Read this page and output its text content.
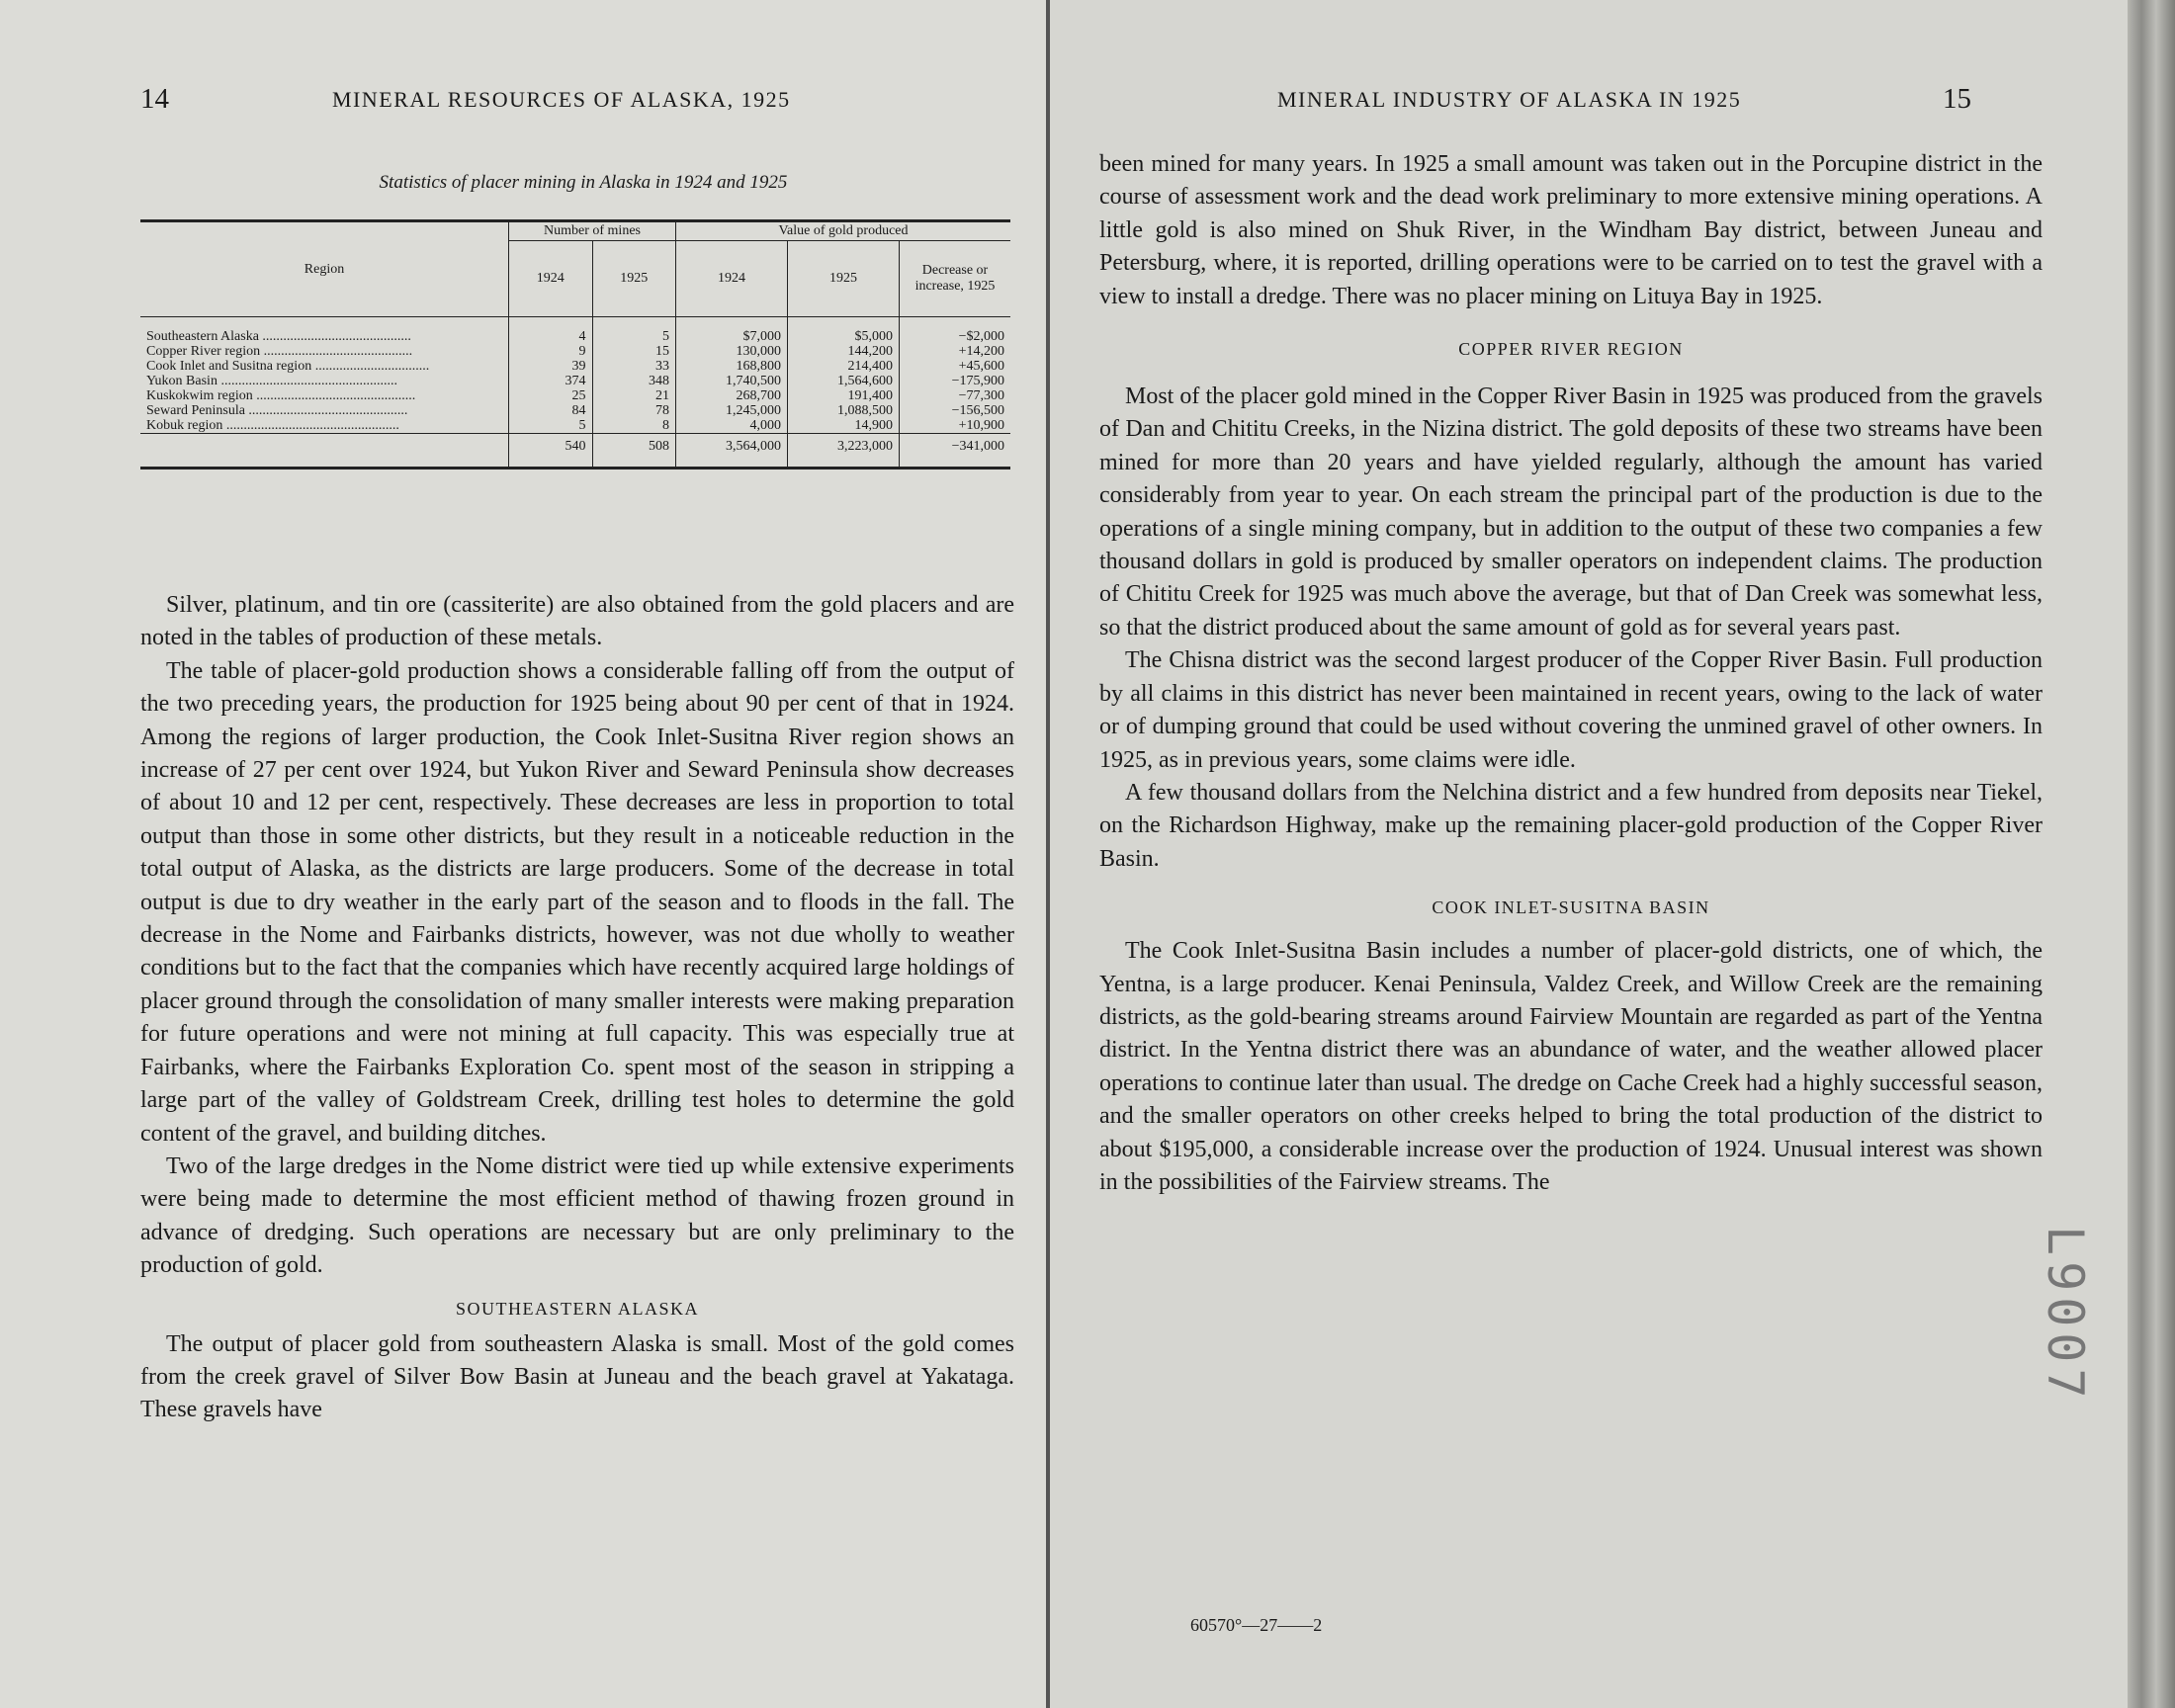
14	MINERAL RESOURCES OF ALASKA, 1925
Statistics of placer mining in Alaska in 1924 and 1925
Region	Number of mines		Value of gold produced		
	1924	1925	1924	1925	Decrease or increase, 1925

Southeastern Alaska ...........................................	4	5	$7,000	$5,000	−$2,000
Copper River region ...........................................	9	15	130,000	144,200	+14,200
Cook Inlet and Susitna region .................................	39	33	168,800	214,400	+45,600
Yukon Basin ...................................................	374	348	1,740,500	1,564,600	−175,900
Kuskokwim region ..............................................	25	21	268,700	191,400	−77,300
Seward Peninsula ..............................................	84	78	1,245,000	1,088,500	−156,500
Kobuk region ..................................................	5	8	4,000	14,900	+10,900
	540	508	3,564,000	3,223,000	−341,000

Silver, platinum, and tin ore (cassiterite) are also obtained from the gold placers and are noted in the tables of production of these metals.

The table of placer-gold production shows a considerable falling off from the output of the two preceding years, the production for 1925 being about 90 per cent of that in 1924. Among the regions of larger production, the Cook Inlet-Susitna River region shows an increase of 27 per cent over 1924, but Yukon River and Seward Peninsula show decreases of about 10 and 12 per cent, respectively. These decreases are less in proportion to total output than those in some other districts, but they result in a noticeable reduction in the total output of Alaska, as the districts are large producers. Some of the decrease in total output is due to dry weather in the early part of the season and to floods in the fall. The decrease in the Nome and Fairbanks districts, however, was not due wholly to weather conditions but to the fact that the companies which have recently acquired large holdings of placer ground through the consolidation of many smaller interests were making preparation for future operations and were not mining at full capacity. This was especially true at Fairbanks, where the Fairbanks Exploration Co. spent most of the season in stripping a large part of the valley of Goldstream Creek, drilling test holes to determine the gold content of the gravel, and building ditches.

Two of the large dredges in the Nome district were tied up while extensive experiments were being made to determine the most efficient method of thawing frozen ground in advance of dredging. Such operations are necessary but are only preliminary to the production of gold.

SOUTHEASTERN ALASKA

The output of placer gold from southeastern Alaska is small. Most of the gold comes from the creek gravel of Silver Bow Basin at Juneau and the beach gravel at Yakataga. These gravels have

MINERAL INDUSTRY OF ALASKA IN 1925	15

been mined for many years. In 1925 a small amount was taken out in the Porcupine district in the course of assessment work and the dead work preliminary to more extensive mining operations. A little gold is also mined on Shuk River, in the Windham Bay district, between Juneau and Petersburg, where, it is reported, drilling operations were to be carried on to test the gravel with a view to install a dredge. There was no placer mining on Lituya Bay in 1925.

COPPER RIVER REGION

Most of the placer gold mined in the Copper River Basin in 1925 was produced from the gravels of Dan and Chititu Creeks, in the Nizina district. The gold deposits of these two streams have been mined for more than 20 years and have yielded regularly, although the amount has varied considerably from year to year. On each stream the principal part of the production is due to the operations of a single mining company, but in addition to the output of these two companies a few thousand dollars in gold is produced by smaller operators on independent claims. The production of Chititu Creek for 1925 was much above the average, but that of Dan Creek was somewhat less, so that the district produced about the same amount of gold as for several years past.

The Chisna district was the second largest producer of the Copper River Basin. Full production by all claims in this district has never been maintained in recent years, owing to the lack of water or of dumping ground that could be used without covering the unmined gravel of other owners. In 1925, as in previous years, some claims were idle.

A few thousand dollars from the Nelchina district and a few hundred from deposits near Tiekel, on the Richardson Highway, make up the remaining placer-gold production of the Copper River Basin.

COOK INLET-SUSITNA BASIN

The Cook Inlet-Susitna Basin includes a number of placer-gold districts, one of which, the Yentna, is a large producer. Kenai Peninsula, Valdez Creek, and Willow Creek are the remaining districts, as the gold-bearing streams around Fairview Mountain are regarded as part of the Yentna district. In the Yentna district there was an abundance of water, and the weather allowed placer operations to continue later than usual. The dredge on Cache Creek had a highly successful season, and the smaller operators on other creeks helped to bring the total production of the district to about $195,000, a considerable increase over the production of 1924. Unusual interest was shown in the possibilities of the Fairview streams. The

60570°—27——2
L9007
